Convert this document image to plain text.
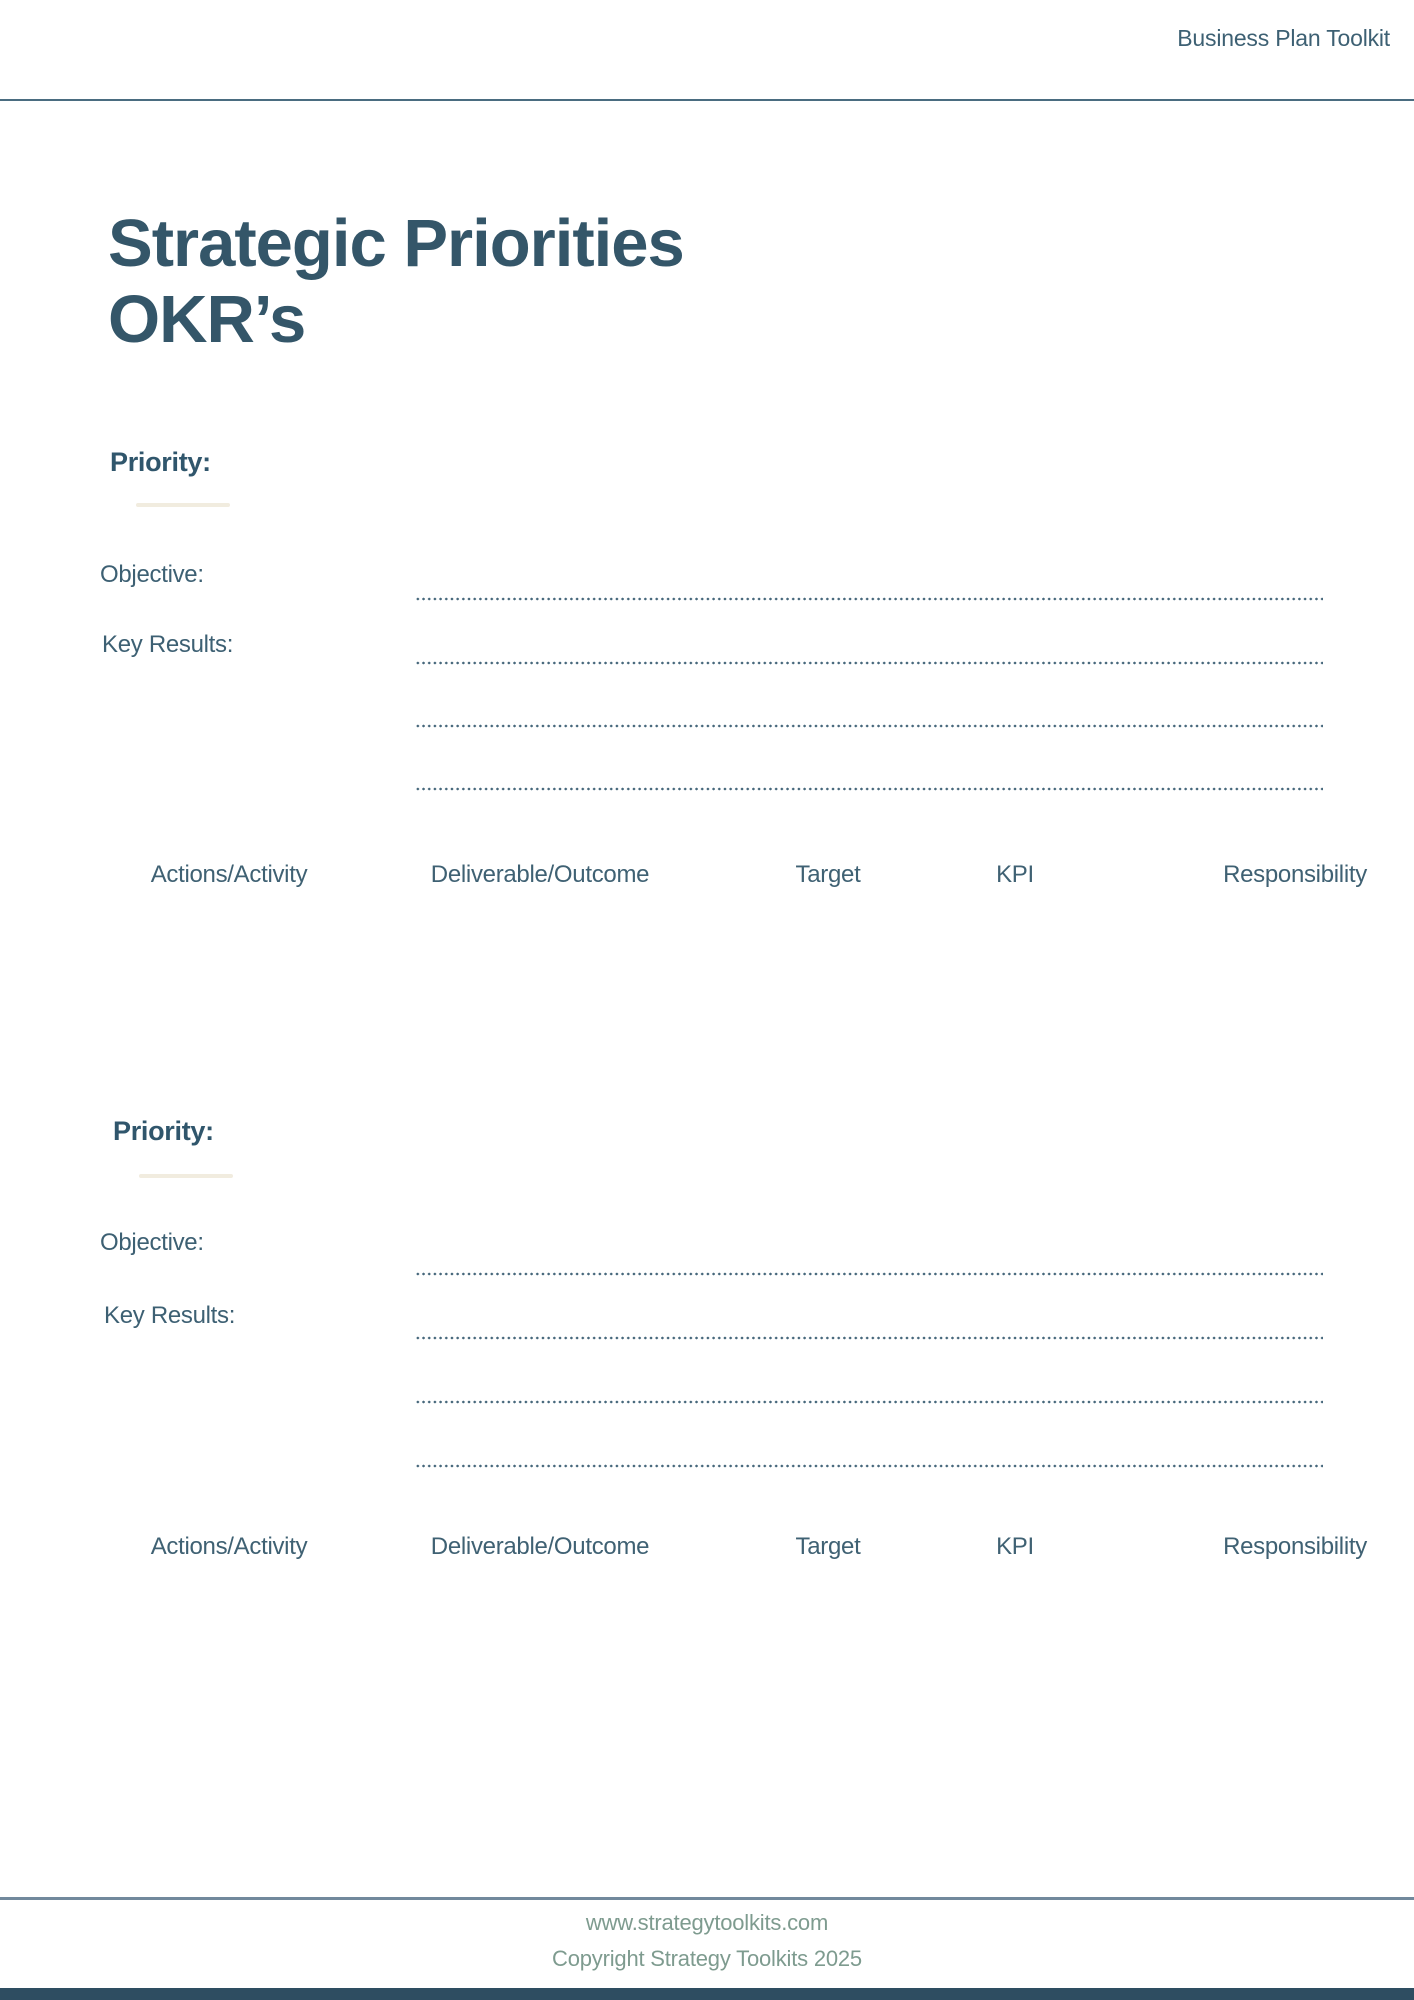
Business Plan Toolkit
Strategic Priorities
OKR’s
Priority:
Objective:
Key Results:
Actions/Activity	Deliverable/Outcome	Target	KPI	Responsibility
Priority:
Objective:
Key Results:
Actions/Activity	Deliverable/Outcome	Target	KPI	Responsibility
www.strategytoolkits.com
Copyright Strategy Toolkits 2025
